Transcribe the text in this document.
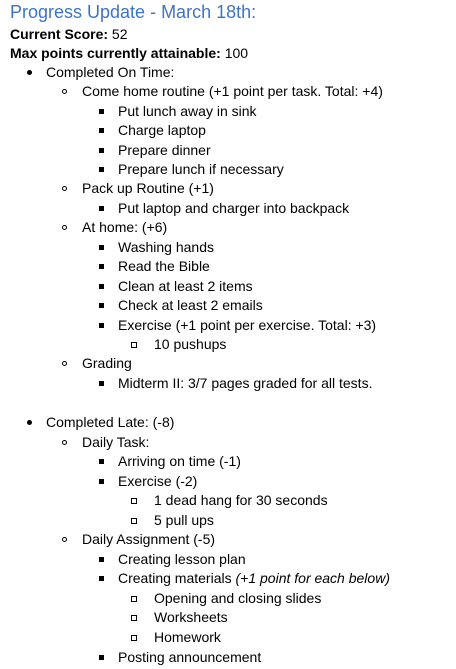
Progress Update - March 18th:
Current Score: 52
Max points currently attainable: 100
Completed On Time:
Come home routine (+1 point per task. Total: +4)
Put lunch away in sink
Charge laptop
Prepare dinner
Prepare lunch if necessary
Pack up Routine (+1)
Put laptop and charger into backpack
At home: (+6)
Washing hands
Read the Bible
Clean at least 2 items
Check at least 2 emails
Exercise (+1 point per exercise. Total: +3)
10 pushups
Grading
Midterm II: 3/7 pages graded for all tests.
Completed Late: (-8)
Daily Task:
Arriving on time (-1)
Exercise (-2)
1 dead hang for 30 seconds
5 pull ups
Daily Assignment (-5)
Creating lesson plan
Creating materials (+1 point for each below)
Opening and closing slides
Worksheets
Homework
Posting announcement
